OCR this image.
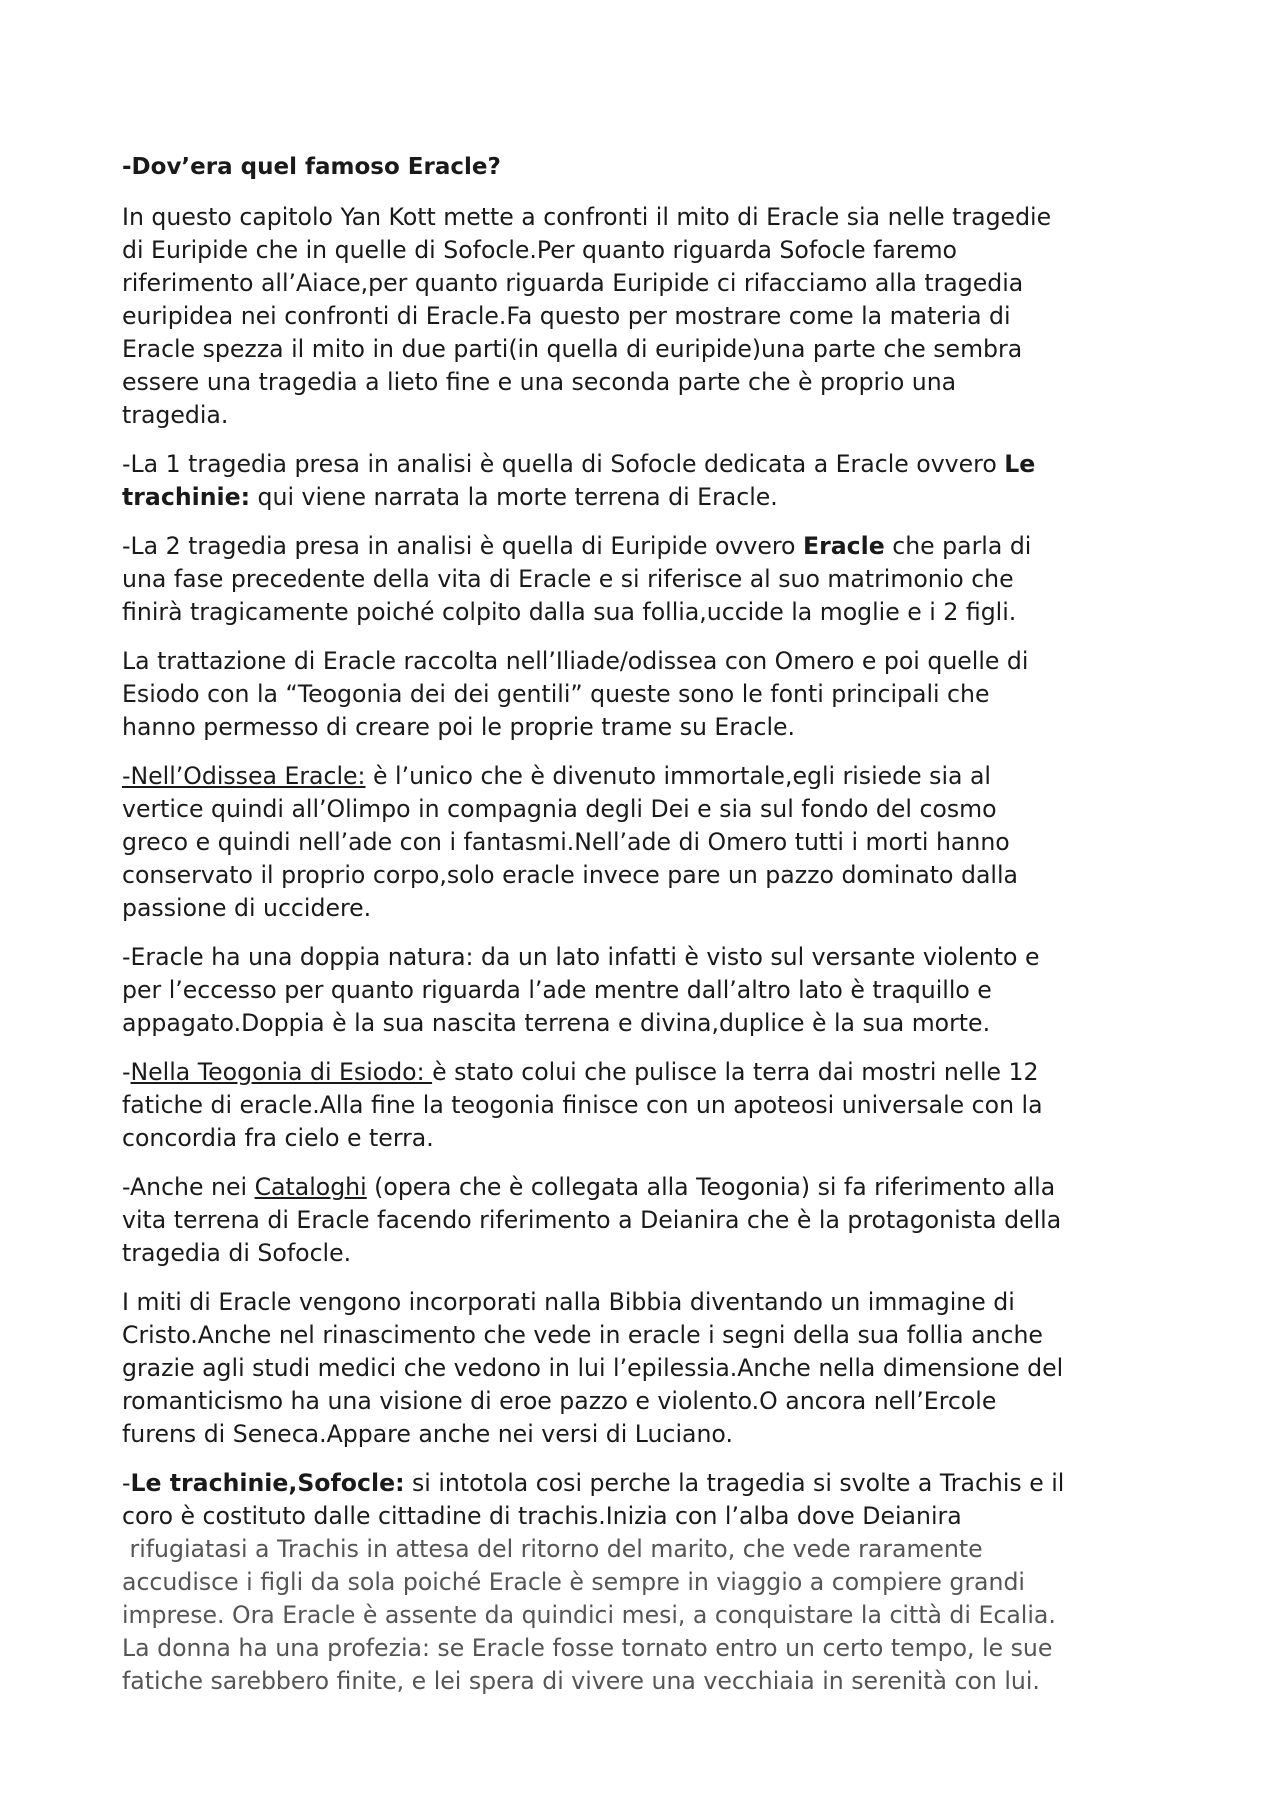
-Dov’era quel famoso Eracle?
In questo capitolo Yan Kott mette a confronti il mito di Eracle sia nelle tragedie
di Euripide che in quelle di Sofocle.Per quanto riguarda Sofocle faremo
riferimento all’Aiace,per quanto riguarda Euripide ci rifacciamo alla tragedia
euripidea nei confronti di Eracle.Fa questo per mostrare come la materia di
Eracle spezza il mito in due parti(in quella di euripide)una parte che sembra
essere una tragedia a lieto fine e una seconda parte che è proprio una
tragedia.
-La 1 tragedia presa in analisi è quella di Sofocle dedicata a Eracle ovvero Le
trachinie: qui viene narrata la morte terrena di Eracle.
-La 2 tragedia presa in analisi è quella di Euripide ovvero Eracle che parla di
una fase precedente della vita di Eracle e si riferisce al suo matrimonio che
finirà tragicamente poiché colpito dalla sua follia,uccide la moglie e i 2 figli.
La trattazione di Eracle raccolta nell’Iliade/odissea con Omero e poi quelle di
Esiodo con la “Teogonia dei dei gentili” queste sono le fonti principali che
hanno permesso di creare poi le proprie trame su Eracle.
-Nell’Odissea Eracle: è l’unico che è divenuto immortale,egli risiede sia al
vertice quindi all’Olimpo in compagnia degli Dei e sia sul fondo del cosmo
greco e quindi nell’ade con i fantasmi.Nell’ade di Omero tutti i morti hanno
conservato il proprio corpo,solo eracle invece pare un pazzo dominato dalla
passione di uccidere.
-Eracle ha una doppia natura: da un lato infatti è visto sul versante violento e
per l’eccesso per quanto riguarda l’ade mentre dall’altro lato è traquillo e
appagato.Doppia è la sua nascita terrena e divina,duplice è la sua morte.
-Nella Teogonia di Esiodo: è stato colui che pulisce la terra dai mostri nelle 12
fatiche di eracle.Alla fine la teogonia finisce con un apoteosi universale con la
concordia fra cielo e terra.
-Anche nei Cataloghi (opera che è collegata alla Teogonia) si fa riferimento alla
vita terrena di Eracle facendo riferimento a Deianira che è la protagonista della
tragedia di Sofocle.
I miti di Eracle vengono incorporati nalla Bibbia diventando un immagine di
Cristo.Anche nel rinascimento che vede in eracle i segni della sua follia anche
grazie agli studi medici che vedono in lui l’epilessia.Anche nella dimensione del
romanticismo ha una visione di eroe pazzo e violento.O ancora nell’Ercole
furens di Seneca.Appare anche nei versi di Luciano.
-Le trachinie,Sofocle: si intotola cosi perche la tragedia si svolte a Trachis e il
coro è costituto dalle cittadine di trachis.Inizia con l’alba dove Deianira
rifugiatasi a Trachis in attesa del ritorno del marito, che vede raramente
accudisce i figli da sola poiché Eracle è sempre in viaggio a compiere grandi
imprese. Ora Eracle è assente da quindici mesi, a conquistare la città di Ecalia.
La donna ha una profezia: se Eracle fosse tornato entro un certo tempo, le sue
fatiche sarebbero finite, e lei spera di vivere una vecchiaia in serenità con lui.
